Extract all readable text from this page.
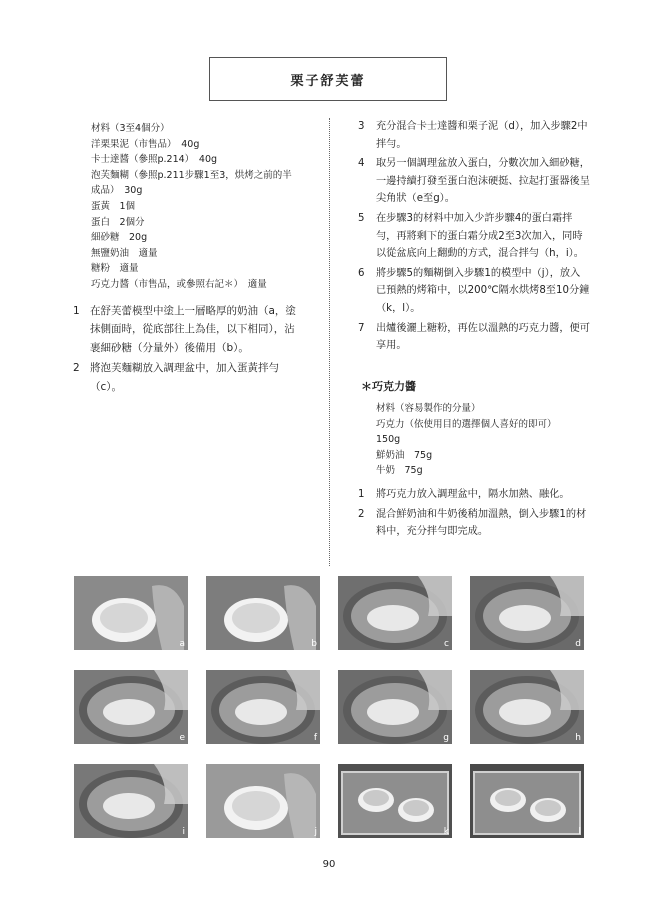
栗子舒芙蕾
材料（3至4個分）
洋栗果泥（市售品）　40g
卡士達醬（參照p.214）　40g
泡芙麵糊（參照p.211步驟1至3，烘烤之前的半
成品）　30g
蛋黃　1個
蛋白　2個分
細砂糖　20g
無鹽奶油　適量
糖粉　適量
巧克力醬（市售品，或參照右記＊）　適量
1 在舒芙蕾模型中塗上一層略厚的奶油（a，塗抹側面時，從底部往上為佳，以下相同），沾裹細砂糖（分量外）後備用（b）。
2 將泡芙麵糊放入調理盆中，加入蛋黃拌勻（c）。
3	充分混合卡士達醬和栗子泥（d），加入步驟2中拌勻。
4	取另一個調理盆放入蛋白，分數次加入細砂糖，一邊持續打發至蛋白泡沫硬挺、拉起打蛋器後呈尖角狀（e至g）。
5	在步驟3的材料中加入少許步驟4的蛋白霜拌勻，再將剩下的蛋白霜分成2至3次加入，同時以從盆底向上翻動的方式，混合拌勻（h，i）。
6	將步驟5的麵糊倒入步驟1的模型中（j），放入已預熱的烤箱中，以200℃隔水烘烤8至10分鐘（k，l）。
7	出爐後灑上糖粉，再佐以溫熱的巧克力醬，便可享用。
＊巧克力醬
材料（容易製作的分量）
巧克力（依使用目的選擇個人喜好的即可）
150g
鮮奶油　75g
牛奶　75g
1	將巧克力放入調理盆中，隔水加熱、融化。
2	混合鮮奶油和牛奶後稍加溫熱，倒入步驟1的材料中，充分拌勻即完成。
a	b	c	d
e	f	g	h
i	j	k	l
90
